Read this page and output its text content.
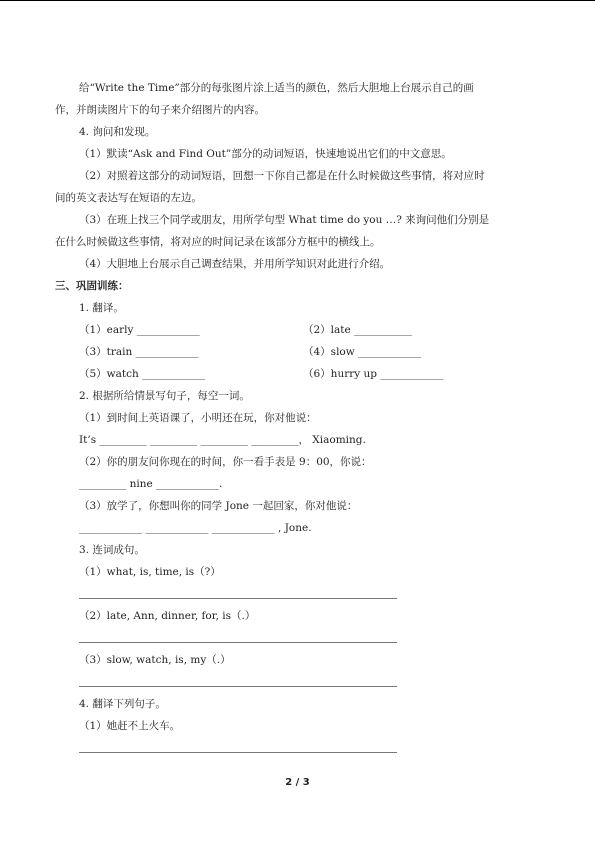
给“Write the Time”部分的每张图片涂上适当的颜色，然后大胆地上台展示自己的画
作，并朗读图片下的句子来介绍图片的内容。
4. 询问和发现。
（1）默读“Ask and Find Out”部分的动词短语，快速地说出它们的中文意思。
（2）对照着这部分的动词短语，回想一下你自己都是在什么时候做这些事情，将对应时
间的英文表达写在短语的左边。
（3）在班上找三个同学或朋友，用所学句型 What time do you …? 来询问他们分别是
在什么时候做这些事情，将对应的时间记录在该部分方框中的横线上。
（4）大胆地上台展示自己调查结果，并用所学知识对此进行介绍。
三、巩固训练：
1. 翻译。
（1）early ____________	（2）late ___________
（3）train ____________	（4）slow ____________
（5）watch ____________	（6）hurry up ____________
2. 根据所给情景写句子，每空一词。
（1）到时间上英语课了，小明还在玩，你对他说：
It’s _________ _________ _________ _________， Xiaoming.
（2）你的朋友问你现在的时间，你一看手表是 9：00，你说：
_________ nine ____________.
（3）放学了，你想叫你的同学 Jone 一起回家，你对他说：
____________ ____________ ____________ , Jone.
3. 连词成句。
（1）what, is, time, is（?）
（2）late, Ann, dinner, for, is（.）
（3）slow, watch, is, my（.）
4. 翻译下列句子。
（1）她赶不上火车。
2 / 3
